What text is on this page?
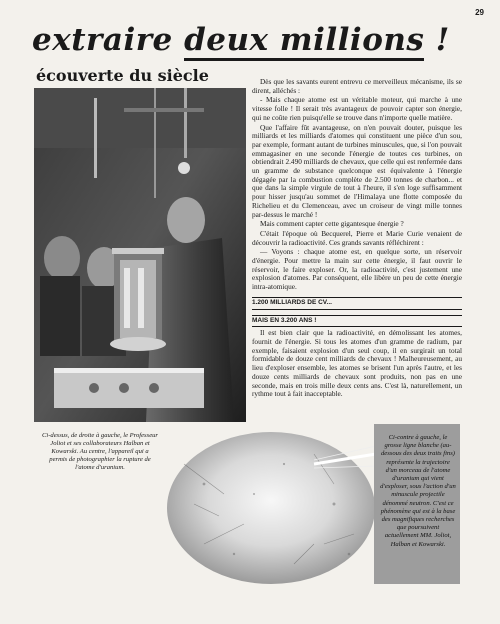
29
extraire deux millions !
écouverte du siècle	Dès que les savants eurent entrevu ce merveilleux mécanisme, ils se dirent, alléchés :

- Mais chaque atome est un véritable moteur, qui marche à une vitesse folle ! Il serait très avantageux de pouvoir capter son énergie, qui ne coûte rien puisqu'elle se trouve dans n'importe quelle matière.

Que l'affaire fût avantageuse, on n'en pouvait douter, puisque les milliards et les milliards d'atomes qui constituent une pièce d'un sou, par exemple, formant autant de turbines minuscules, que, si l'on pouvait emmagasiner en une seconde l'énergie de toutes ces turbines, on obtiendrait 2.490 milliards de chevaux, que celle qui est renfermée dans un gramme de substance quelconque est équivalente à l'énergie dégagée par la combustion complète de 2.500 tonnes de charbon... et que dans la simple virgule de tout à l'heure, il s'en loge suffisamment pour hisser jusqu'au sommet de l'Himalaya une flotte composée du Richelieu et du Clemenceau, avec un croiseur de vingt mille tonnes par-dessus le marché !

Mais comment capter cette gigantesque énergie ?

C'était l'époque où Becquerel, Pierre et Marie Curie venaient de découvrir la radioactivité. Ces grands savants réfléchirent :

— Voyons : chaque atome est, en quelque sorte, un réservoir d'énergie. Pour mettre la main sur cette énergie, il faut ouvrir le réservoir, le faire exploser. Or, la radioactivité, c'est justement une explosion d'atomes. Par conséquent, elle libère un peu de cette énergie intra-atomique.

1.200 MILLIARDS DE CV...

MAIS EN 3.200 ANS !

Il est bien clair que la radioactivité, en démolissant les atomes, fournit de l'énergie. Si tous les atomes d'un gramme de radium, par exemple, faisaient explosion d'un seul coup, il en surgirait un total formidable de douze cent milliards de chevaux ! Malheureusement, au lieu d'exploser ensemble, les atomes se brisent l'un après l'autre, et les douze cents milliards de chevaux sont produits, non pas en une seconde, mais en trois mille deux cents ans. C'est là, naturellement, un rythme tout à fait inacceptable.

Ci-dessus, de droite à gauche, le Professeur Joliot et ses collaborateurs Halban et Kowarski. Au centre, l'appareil qui a permis de photographier la rupture de l'atome d'uranium.
Ci-contre à gauche, le grosse ligne blanche (au-dessous des deux traits fins) représente la trajectoire d'un morceau de l'atome d'uranium qui vient d'exploser, sous l'action d'un minuscule projectile dénommé neutron. C'est ce phénomène qui est à la base des magnifiques recherches que poursuivent actuellement MM. Joliot, Halban et Kowarski.
